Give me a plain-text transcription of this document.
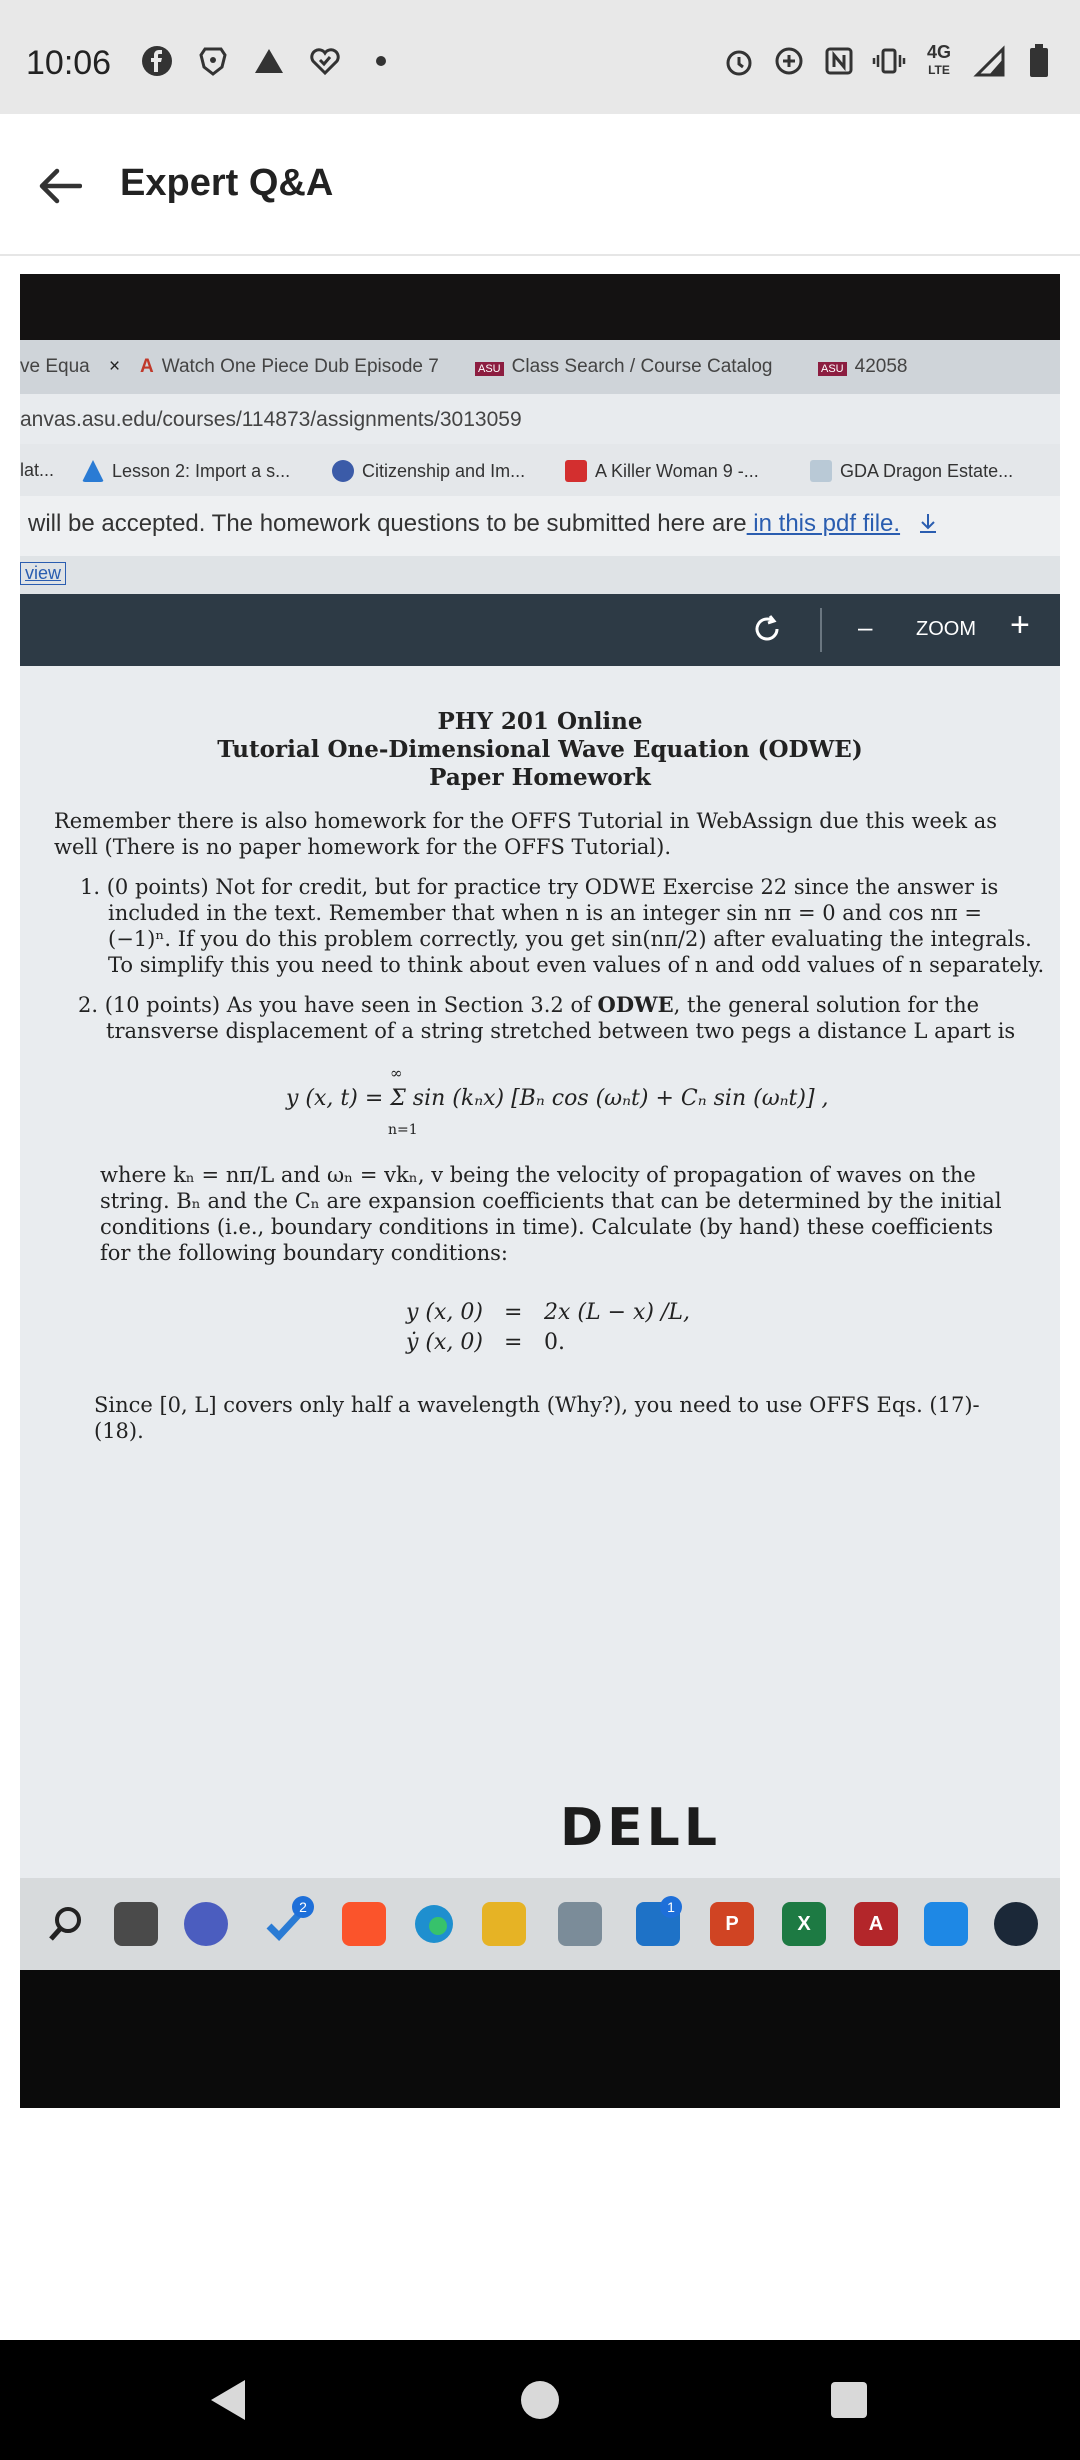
10:06	4G
LTE
Expert Q&A
ve Equa × A Watch One Piece Dub Episode 7	ASU Class Search / Course Catalog	ASU 42058
anvas.asu.edu/courses/114873/assignments/3013059
lat...	Lesson 2: Import a s...	Citizenship and Im...	A Killer Woman 9 -...	GDA Dragon Estate...
will be accepted. The homework questions to be submitted here are in this pdf file.
view
– ZOOM +
PHY 201 Online
Tutorial One-Dimensional Wave Equation (ODWE)
Paper Homework
Remember there is also homework for the OFFS Tutorial in WebAssign due this week as
well (There is no paper homework for the OFFS Tutorial).
1. (0 points) Not for credit, but for practice try ODWE Exercise 22 since the answer is
included in the text. Remember that when n is an integer sin nπ = 0 and cos nπ =
(−1)ⁿ. If you do this problem correctly, you get sin(nπ/2) after evaluating the integrals.
To simplify this you need to think about even values of n and odd values of n separately.
2. (10 points) As you have seen in Section 3.2 of ODWE, the general solution for the
transverse displacement of a string stretched between two pegs a distance L apart is
∞
y (x, t) = Σ sin (kₙx) [Bₙ cos (ωₙt) + Cₙ sin (ωₙt)] ,
n=1
where kₙ = nπ/L and ωₙ = vkₙ, v being the velocity of propagation of waves on the
string. Bₙ and the Cₙ are expansion coefficients that can be determined by the initial
conditions (i.e., boundary conditions in time). Calculate (by hand) these coefficients
for the following boundary conditions:
y (x, 0) = 2x (L − x) /L,
ẏ (x, 0) = 0.
Since [0, L] covers only half a wavelength (Why?), you need to use OFFS Eqs. (17)-
(18).
2	1
P	X	A
DELL
